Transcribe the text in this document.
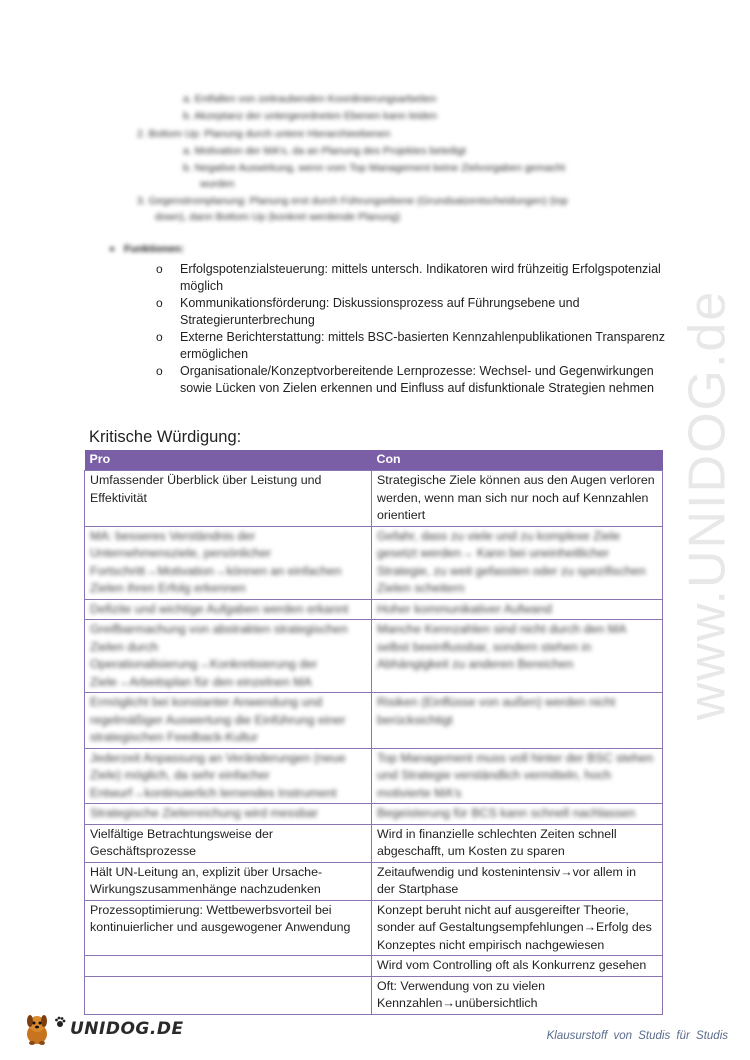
a. Entfallen von zeitraubenden Koordinierungsarbeiten
b. Akzeptanz der untergeordneten Ebenen kann leiden
2. Bottom Up: Planung durch untere Hierarchieebenen
a. Motivation der MA's, da an Planung des Projektes beteiligt
b. Negative Auswirkung, wenn vom Top Management keine Zielvorgaben gemacht
wurden
3. Gegenstromplanung: Planung erst durch Führungsebene (Grundsatzentscheidungen) (top
down), dann Bottom Up (konkret werdende Planung)
Funktionen:
o Erfolgspotenzialsteuerung: mittels untersch. Indikatoren wird frühzeitig Erfolgspotenzial möglich
o Kommunikationsförderung: Diskussionsprozess auf Führungsebene und Strategierunterbrechung
o Externe Berichterstattung: mittels BSC-basierten Kennzahlenpublikationen Transparenz ermöglichen
o Organisationale/Konzeptvorbereitende Lernprozesse: Wechsel- und Gegenwirkungen sowie Lücken von Zielen erkennen und Einfluss auf disfunktionale Strategien nehmen
Kritische Würdigung:
Pro	Con
Umfassender Überblick über Leistung und Effektivität	Strategische Ziele können aus den Augen verloren werden, wenn man sich nur noch auf Kennzahlen orientiert
MA: besseres Verständnis der Unternehmensziele, persönlicher Fortschritt→Motivation→können an einfachen Zielen ihren Erfolg erkennen	Gefahr, dass zu viele und zu komplexe Ziele gesetzt werden→ Kann bei uneinheitlicher Strategie, zu weit gefassten oder zu spezifischen Zielen scheitern
Defizite und wichtige Aufgaben werden erkannt	Hoher kommunikativer Aufwand
Greifbarmachung von abstrakten strategischen Zielen durch Operationalisierung→Konkretisierung der Ziele→Arbeitsplan für den einzelnen MA	Manche Kennzahlen sind nicht durch den MA selbst beeinflussbar, sondern stehen in Abhängigkeit zu anderen Bereichen
Ermöglicht bei konstanter Anwendung und regelmäßiger Auswertung die Einführung einer strategischen Feedback-Kultur	Risiken (Einflüsse von außen) werden nicht berücksichtigt
Jederzeit Anpassung an Veränderungen (neue Ziele) möglich, da sehr einfacher Entwurf→kontinuierlich lernendes Instrument	Top Management muss voll hinter der BSC stehen und Strategie verständlich vermitteln, hoch motivierte MA's
Strategische Zielerreichung wird messbar	Begeisterung für BCS kann schnell nachlassen
Vielfältige Betrachtungsweise der Geschäftsprozesse	Wird in finanzielle schlechten Zeiten schnell abgeschafft, um Kosten zu sparen
Hält UN-Leitung an, explizit über Ursache-Wirkungszusammenhänge nachzudenken	Zeitaufwendig und kostenintensiv→vor allem in der Startphase
Prozessoptimierung: Wettbewerbsvorteil bei kontinuierlicher und ausgewogener Anwendung	Konzept beruht nicht auf ausgereifter Theorie, sonder auf Gestaltungsempfehlungen→Erfolg des Konzeptes nicht empirisch nachgewiesen
	Wird vom Controlling oft als Konkurrenz gesehen
	Oft: Verwendung von zu vielen Kennzahlen→unübersichtlich
www.UNIDOG.de
UNIDOG.DE	Klausurstoff von Studis für Studis
